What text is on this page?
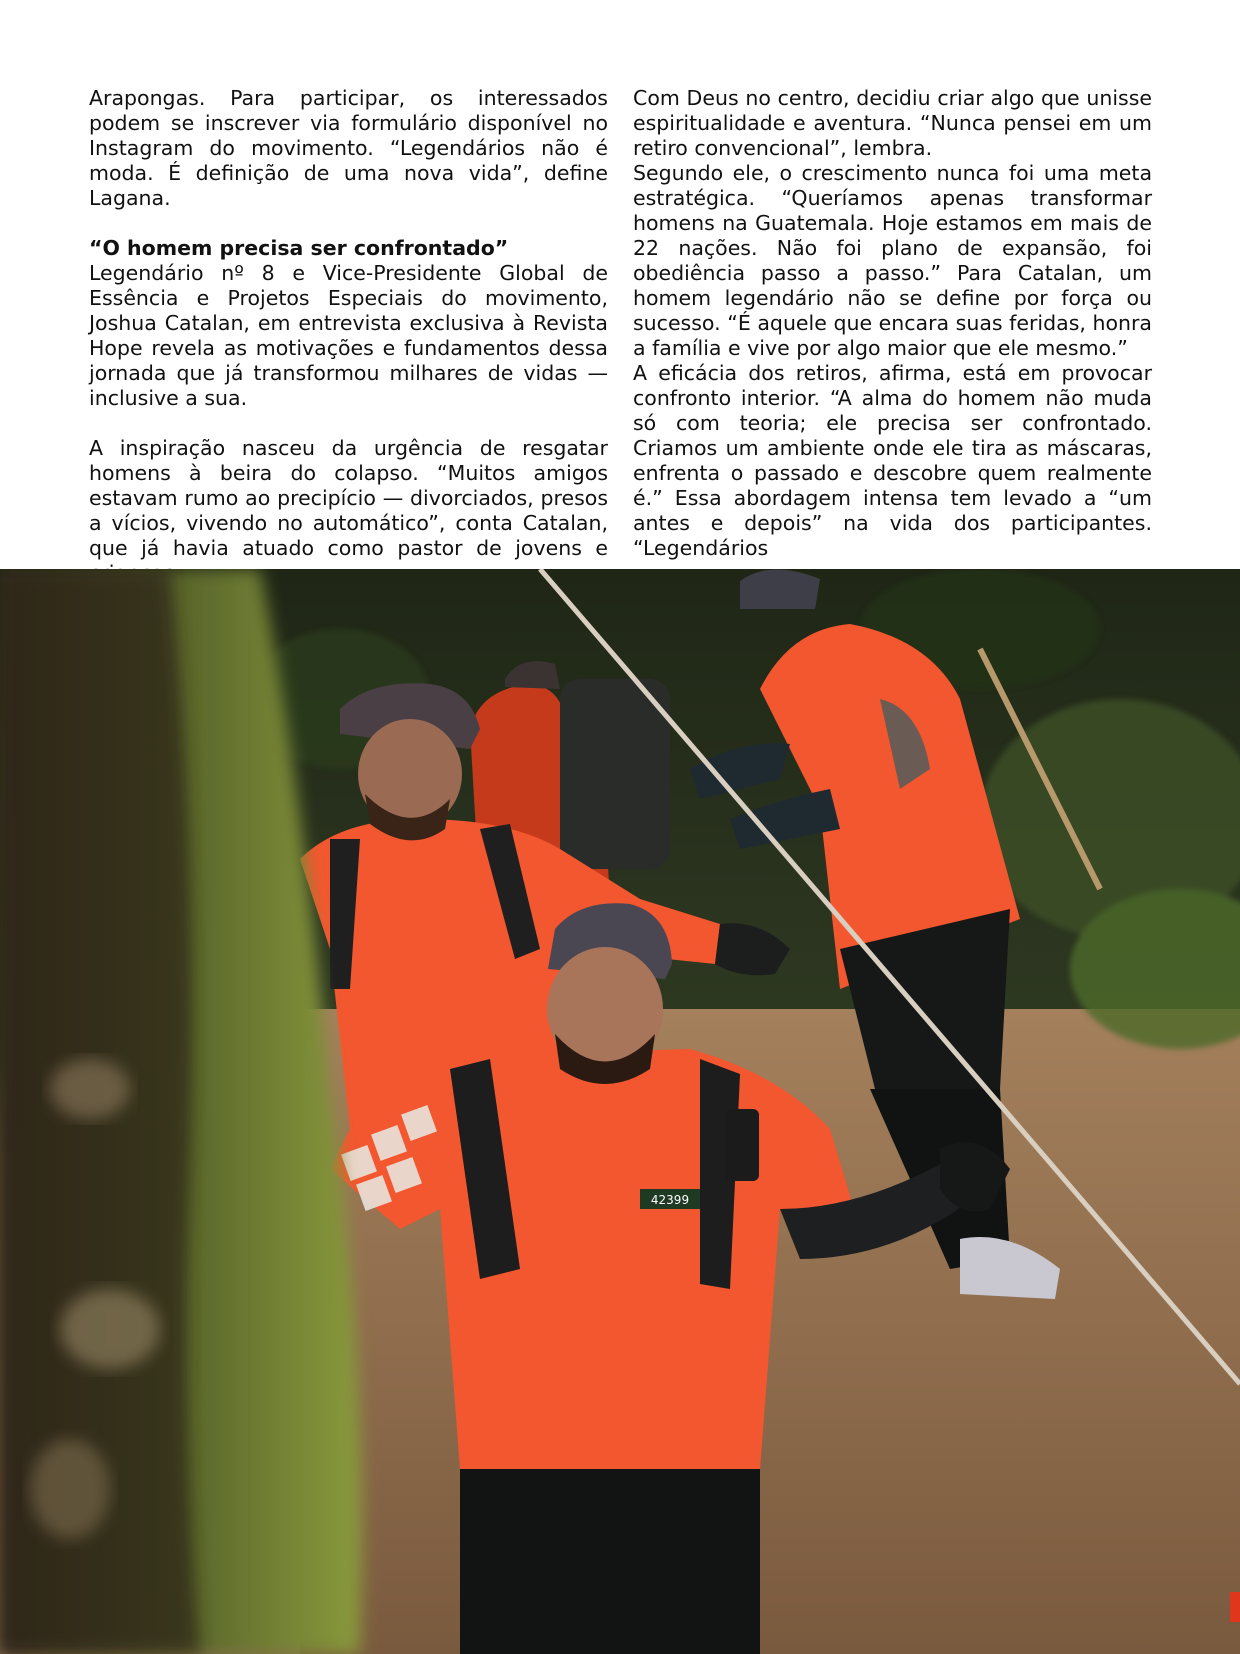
Arapongas. Para participar, os interessados podem se inscrever via formulário disponível no Instagram do movimento. “Legendários não é moda. É definição de uma nova vida”, define Lagana.

“O homem precisa ser confrontado”

Legendário nº 8 e Vice-Presidente Global de Essência e Projetos Especiais do movimento, Joshua Catalan, em entrevista exclusiva à Revista Hope revela as motivações e fundamentos dessa jornada que já transformou milhares de vidas — inclusive a sua.

A inspiração nasceu da urgência de resgatar homens à beira do colapso. “Muitos amigos estavam rumo ao precipício — divorciados, presos a vícios, vivendo no automático”, conta Catalan, que já havia atuado como pastor de jovens e

Com Deus no centro, decidiu criar algo que unisse espiritualidade e aventura. “Nunca pensei em um retiro convencional”, lembra.

Segundo ele, o crescimento nunca foi uma meta estratégica. “Queríamos apenas transformar homens na Guatemala. Hoje estamos em mais de 22 nações. Não foi plano de expansão, foi obediência passo a passo.” Para Catalan, um homem legendário não se define por força ou sucesso. “É aquele que encara suas feridas, honra a família e vive por algo maior que ele mesmo.”

A eficácia dos retiros, afirma, está em provocar confronto interior. “A alma do homem não muda só com teoria; ele precisa ser confrontado. Criamos um ambiente onde ele tira as máscaras, enfrenta o passado e descobre quem realmente é.” Essa abordagem intensa tem levado a “um antes e depois” na vida dos participantes. “Legendários

42399
